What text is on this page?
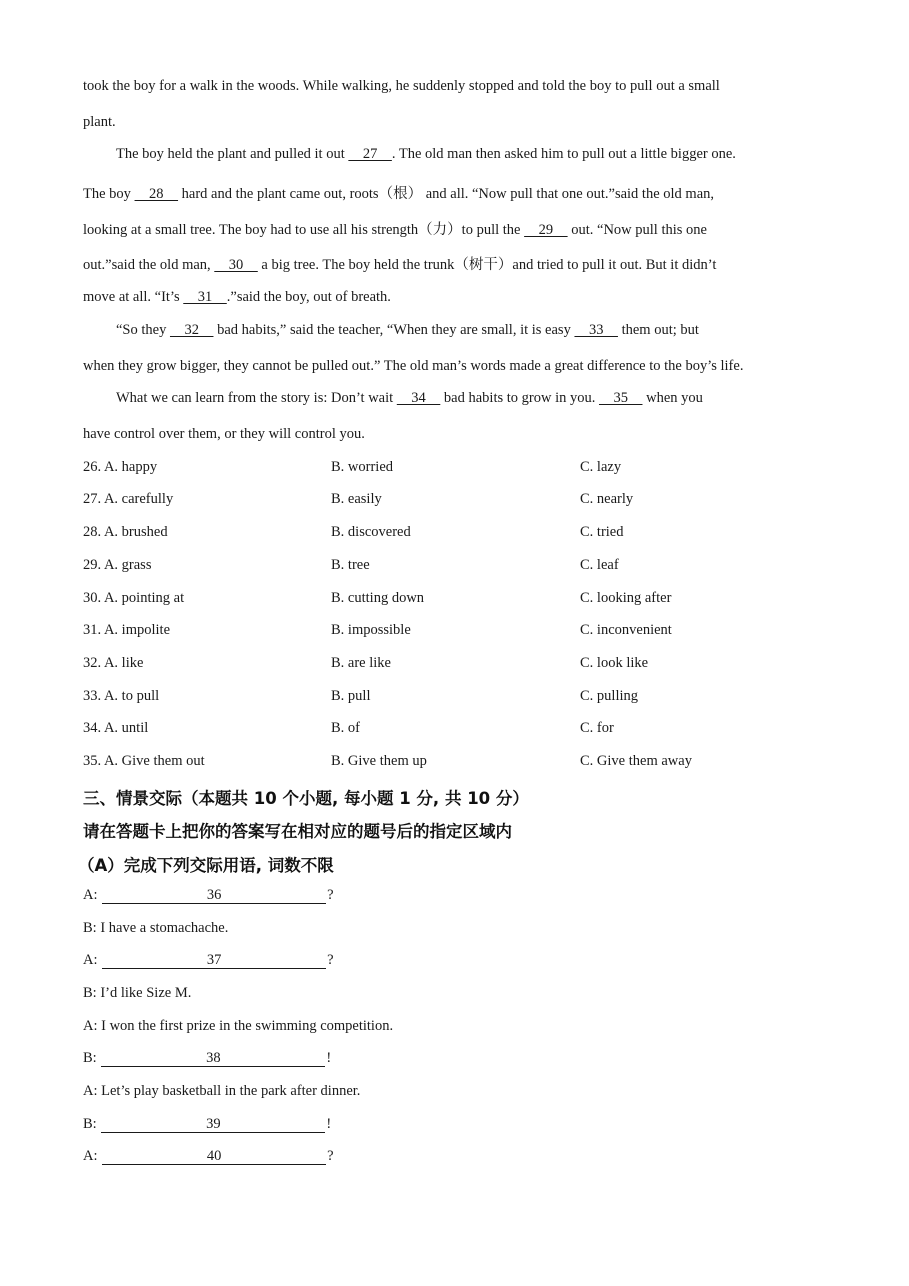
took the boy for a walk in the woods. While walking, he suddenly stopped and told the boy to pull out a small
plant.
The boy held the plant and pulled it out     27    . The old man then asked him to pull out a little bigger one.
The boy     28     hard and the plant came out, roots（根） and all. “Now pull that one out.”said the old man,
looking at a small tree. The boy had to use all his strength（力）to pull the     29     out. “Now pull this one
out.”said the old man,     30     a big tree. The boy held the trunk（树干）and tried to pull it out. But it didn’t
move at all. “It’s     31    .”said the boy, out of breath.
“So they     32     bad habits,” said the teacher, “When they are small, it is easy     33     them out; but
when they grow bigger, they cannot be pulled out.” The old man’s words made a great difference to the boy’s life.
What we can learn from the story is: Don’t wait     34     bad habits to grow in you.     35     when you
have control over them, or they will control you.
26. A. happy	B. worried	C. lazy
27. A. carefully	B. easily	C. nearly
28. A. brushed	B. discovered	C. tried
29. A. grass	B. tree	C. leaf
30. A. pointing at	B. cutting down	C. looking after
31. A. impolite	B. impossible	C. inconvenient
32. A. like	B. are like	C. look like
33. A. to pull	B. pull	C. pulling
34. A. until	B. of	C. for
35. A. Give them out	B. Give them up	C. Give them away
三、情景交际（本题共 10 个小题, 每小题 1 分, 共 10 分）
请在答题卡上把你的答案写在相对应的题号后的指定区域内
（A）完成下列交际用语, 词数不限
A:	36	?
B: I have a stomachache.
A:	37	?
B: I’d like Size M.
A: I won the first prize in the swimming competition.
B:	38	!
A: Let’s play basketball in the park after dinner.
B:	39	!
A:	40	?
